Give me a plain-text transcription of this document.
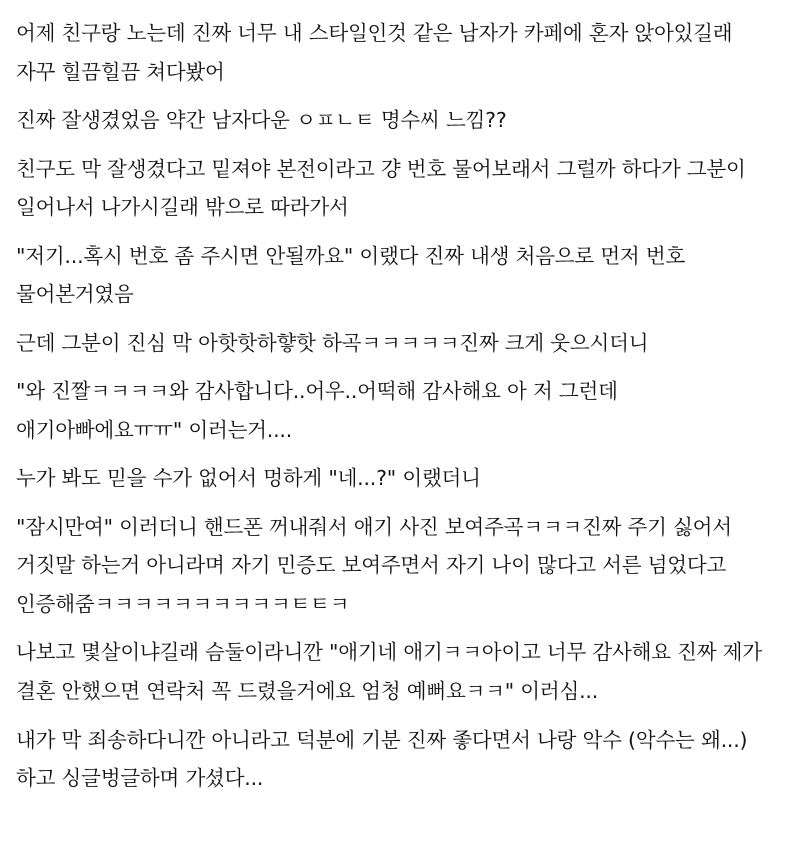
어제 친구랑 노는데 진짜 너무 내 스타일인것 같은 남자가 카페에 혼자 앉아있길래 자꾸 힐끔힐끔 쳐다봤어

진짜 잘생겼었음 약간 남자다운 ㅇㅍㄴㅌ 명수씨 느낌??

친구도 막 잘생겼다고 밑져야 본전이라고 걍 번호 물어보래서 그럴까 하다가 그분이 일어나서 나가시길래 밖으로 따라가서

"저기...혹시 번호 좀 주시면 안될까요" 이랬다 진짜 내생 처음으로 먼저 번호 물어본거였음

근데 그분이 진심 막 아핫핫하햫핫 하곡ㅋㅋㅋㅋㅋ진짜 크게 웃으시더니

"와 진짤ㅋㅋㅋㅋ와 감사합니다..어우..어떡해 감사해요 아 저 그런데 애기아빠에요ㅠㅠ" 이러는거....

누가 봐도 믿을 수가 없어서 멍하게 "네...?" 이랬더니

"잠시만여" 이러더니 핸드폰 꺼내줘서 애기 사진 보여주곡ㅋㅋㅋ진짜 주기 싫어서 거짓말 하는거 아니라며 자기 민증도 보여주면서 자기 나이 많다고 서른 넘었다고 인증해줌ㅋㅋㅋㅋㅋㅋㅋㅋㅋㅋㅌㅌㅋ

나보고 몇살이냐길래 슴둘이라니깐 "애기네 애기ㅋㅋ아이고 너무 감사해요 진짜 제가 결혼 안했으면 연락처 꼭 드렸을거에요 엄청 예뻐요ㅋㅋ" 이러심...

내가 막 죄송하다니깐 아니라고 덕분에 기분 진짜 좋다면서 나랑 악수 (악수는 왜...) 하고 싱글벙글하며 가셨다...
